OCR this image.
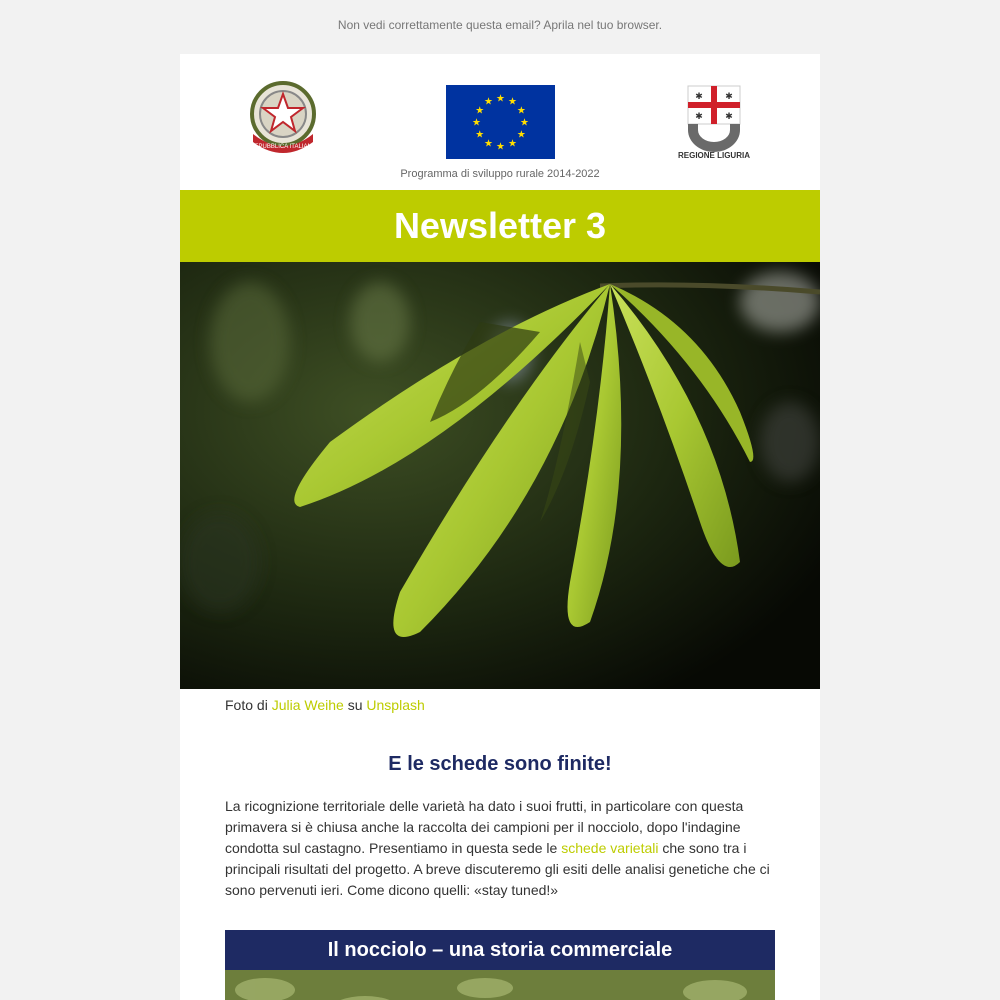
Non vedi correttamente questa email? Aprila nel tuo browser.
REPUBBLICA ITALIANA
★ ★
★
★
★
★
★
★
★
★
★
★
✱ ✱
✱ ✱
REGIONE LIGURIA
Programma di sviluppo rurale 2014-2022
Newsletter 3
Foto di Julia Weihe su Unsplash
E le schede sono finite!

La ricognizione territoriale delle varietà ha dato i suoi frutti, in particolare con questa primavera si è chiusa anche la raccolta dei campioni per il nocciolo, dopo l'indagine condotta sul castagno. Presentiamo in questa sede le schede varietali che sono tra i principali risultati del progetto. A breve discuteremo gli esiti delle analisi genetiche che ci sono pervenuti ieri. Come dicono quelli: «stay tuned!»

Il nocciolo – una storia commerciale
